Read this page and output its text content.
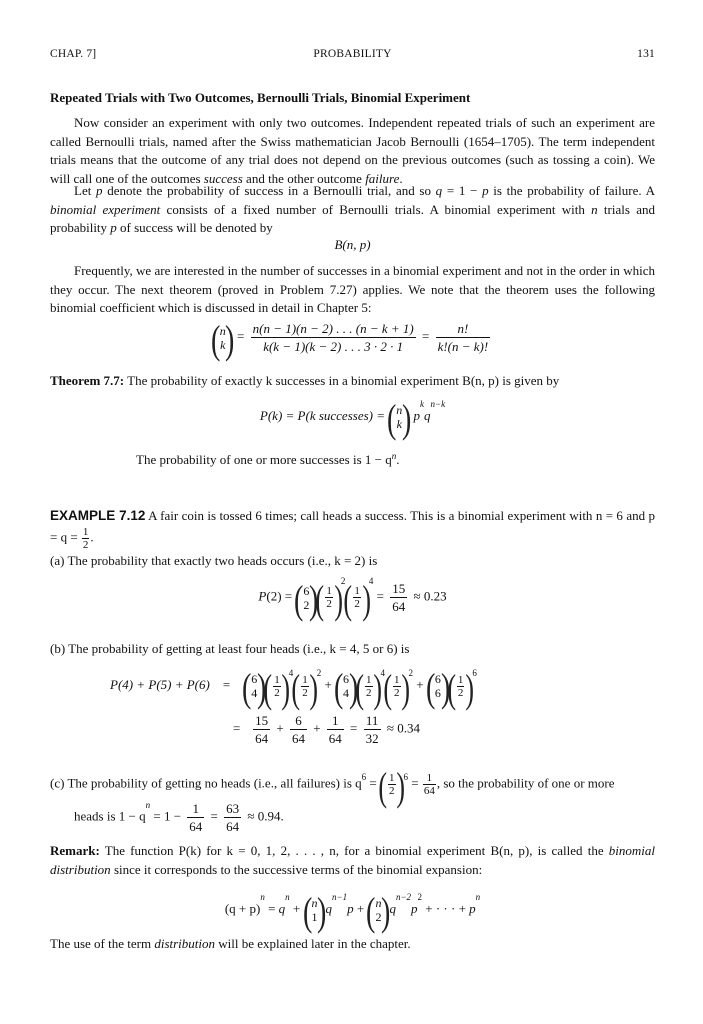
CHAP. 7]	PROBABILITY	131
Repeated Trials with Two Outcomes, Bernoulli Trials, Binomial Experiment

Now consider an experiment with only two outcomes. Independent repeated trials of such an experiment are called Bernoulli trials, named after the Swiss mathematician Jacob Bernoulli (1654–1705). The term independent trials means that the outcome of any trial does not depend on the previous outcomes (such as tossing a coin). We will call one of the outcomes success and the other outcome failure.

Let p denote the probability of success in a Bernoulli trial, and so q = 1 − p is the probability of failure. A binomial experiment consists of a fixed number of Bernoulli trials. A binomial experiment with n trials and probability p of success will be denoted by

B(n, p)

Frequently, we are interested in the number of successes in a binomial experiment and not in the order in which they occur. The next theorem (proved in Problem 7.27) applies. We note that the theorem uses the following binomial coefficient which is discussed in detail in Chapter 5:

( n
k
) = $\frac{n(n - 1)(n - 2) . . . (n - k + 1)}{k(k - 1)(k - 2) . . . 3 \cdot 2 \cdot 1} = \frac{n!}{k!(n - k)!}$
Theorem 7.7: The probability of exactly k successes in a binomial experiment B(n, p) is given by
P(k) = P(k successes) = ( n
k
) $p^kq^{n-k}$
The probability of one or more successes is $1 - q^n$.
EXAMPLE 7.12 A fair coin is tossed 6 times; call heads a success. This is a binomial experiment with n = 6 and $p = q = \frac{1}{2}$ .
(a) The probability that exactly two heads occurs (i.e., k = 2) is
P(2) = ( 6
2
) ( $\frac{1}{2}$
)$^2$
( $\frac{1}{2}$
)$^4 = \frac{15}{64} \approx 0.23$
(b) The probability of getting at least four heads (i.e., k = 4, 5 or 6) is
P(4) + P(5) + P(6)    = ( 6
4
) ( $\frac{1}{2}$
)$^4$
( $\frac{1}{2}$
)$^2$ + ( 6
4
) ( $\frac{1}{2}$
)$^4$
( $\frac{1}{2}$
)$^2$ + ( 6
6
) ( $\frac{1}{2}$
)$^6$
= $\frac{15}{64} + \frac{6}{64} + \frac{1}{64} = \frac{11}{32} \approx 0.34$
(c) The probability of getting no heads (i.e., all failures) is $q^6$ = ( $\frac{1}{2}$
) $^6 = \frac{1}{64}$ , so the probability of one or more
heads is $1 - q^n = 1 - \frac{1}{64} = \frac{63}{64} \approx 0.94$.

Remark: The function P(k) for k = 0, 1, 2, . . . , n, for a binomial experiment B(n, p), is called the binomial distribution since it corresponds to the successive terms of the binomial expansion:

$(q + p)^n = q^n$ + ( n
1
)$q^{n-1}p$ + ( n
2
)$q^{n-2}p^2$ + · · · + $p^n$
The use of the term distribution will be explained later in the chapter.
